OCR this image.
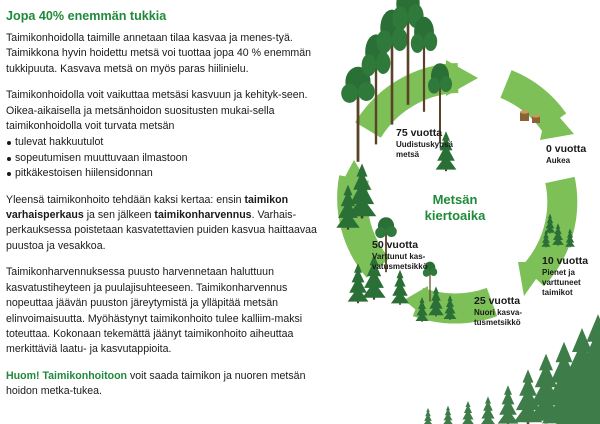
Jopa 40% enemmän tukkia

Taimikonhoidolla taimille annetaan tilaa kasvaa ja menes-tyä. Taimikkona hyvin hoidettu metsä voi tuottaa jopa 40 % enemmän tukkipuuta. Kasvava metsä on myös paras hiilinielu.

Taimikonhoidolla voit vaikuttaa metsäsi kasvuun ja kehityk-seen. Oikea-aikaisella ja metsänhoidon suositusten mukai-sella taimikonhoidolla voit turvata metsän

tulevat hakkuutulot
sopeutumisen muuttuvaan ilmastoon
pitkäkestoisen hiilensidonnan

Yleensä taimikonhoito tehdään kaksi kertaa: ensin taimikon varhaisperkaus ja sen jälkeen taimikonharvennus. Varhais-perkauksessa poistetaan kasvatettavien puiden kasvua haittaavaa puustoa ja vesakkoa.

Taimikonharvennuksessa puusto harvennetaan haluttuun kasvatustiheyteen ja puulajisuhteeseen. Taimikonharvennus nopeuttaa jäävän puuston järeytymistä ja ylläpitää metsän elinvoimaisuutta. Myöhästynyt taimikonhoito tulee kalliim-maksi toteuttaa. Kokonaan tekemättä jäänyt taimikonhoito aiheuttaa merkittäviä laatu- ja kasvutappioita.

Huom! Taimikonhoitoon voit saada taimikon ja nuoren metsän hoidon metka-tukea.

Metsän
kiertoaika
0 vuotta
Aukea
10 vuotta
Pienet ja
varttuneet
taimikot
25 vuotta
Nuori kasva-
tusmetsikkö
50 vuotta
Varttunut kas-
vatusmetsikkö
75 vuotta
Uudistuskypsä
metsä
